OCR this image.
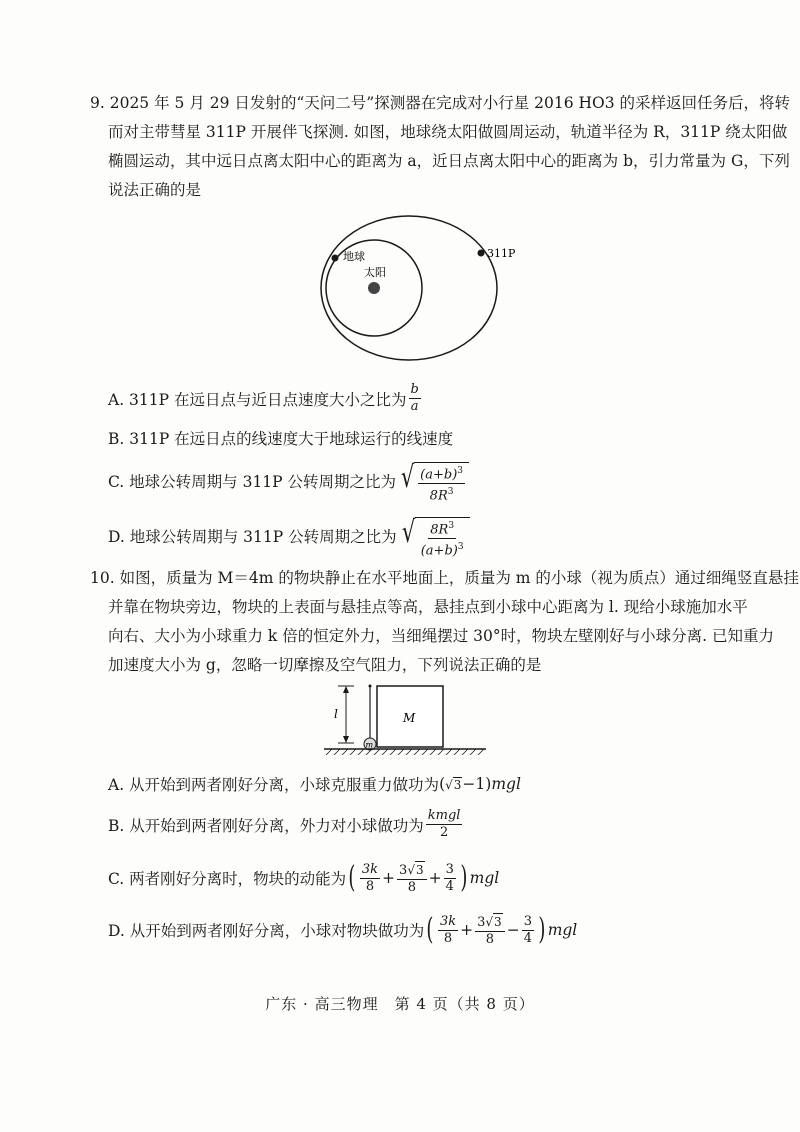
9. 2025 年 5 月 29 日发射的“天问二号”探测器在完成对小行星 2016 HO3 的采样返回任务后，将转
而对主带彗星 311P 开展伴飞探测. 如图，地球绕太阳做圆周运动，轨道半径为 R，311P 绕太阳做
椭圆运动，其中远日点离太阳中心的距离为 a，近日点离太阳中心的距离为 b，引力常量为 G，下列
说法正确的是
地球
太阳
311P
A. 311P 在远日点与近日点速度大小之比为 $\frac{b}{a}$
B. 311P 在远日点的线速度大于地球运行的线速度
C. 地球公转周期与 311P 公转周期之比为 √ $\frac{(a+b)^3}{8R^3}$
D. 地球公转周期与 311P 公转周期之比为 √ $\frac{8R^3}{(a+b)^3}$
10. 如图，质量为 M＝4m 的物块静止在水平地面上，质量为 m 的小球（视为质点）通过细绳竖直悬挂
并靠在物块旁边，物块的上表面与悬挂点等高，悬挂点到小球中心距离为 l. 现给小球施加水平
向右、大小为小球重力 k 倍的恒定外力，当细绳摆过 30°时，物块左壁刚好与小球分离. 已知重力
加速度大小为 g，忽略一切摩擦及空气阻力，下列说法正确的是
l	M
m
A. 从开始到两者刚好分离，小球克服重力做功为 ( √ 3 −1) mgl
B. 从开始到两者刚好分离，外力对小球做功为 $\frac{\text{kmgl}}{2}$
C. 两者刚好分离时，物块的动能为 ( $\frac{3k}{8} + \frac{3√ 3}{8} + \frac{3}{4}$ ) mgl
D. 从开始到两者刚好分离，小球对物块做功为 ( $\frac{3k}{8} + \frac{3√ 3}{8} - \frac{3}{4}$ ) mgl
广东 · 高三物理　第 4 页（共 8 页）
